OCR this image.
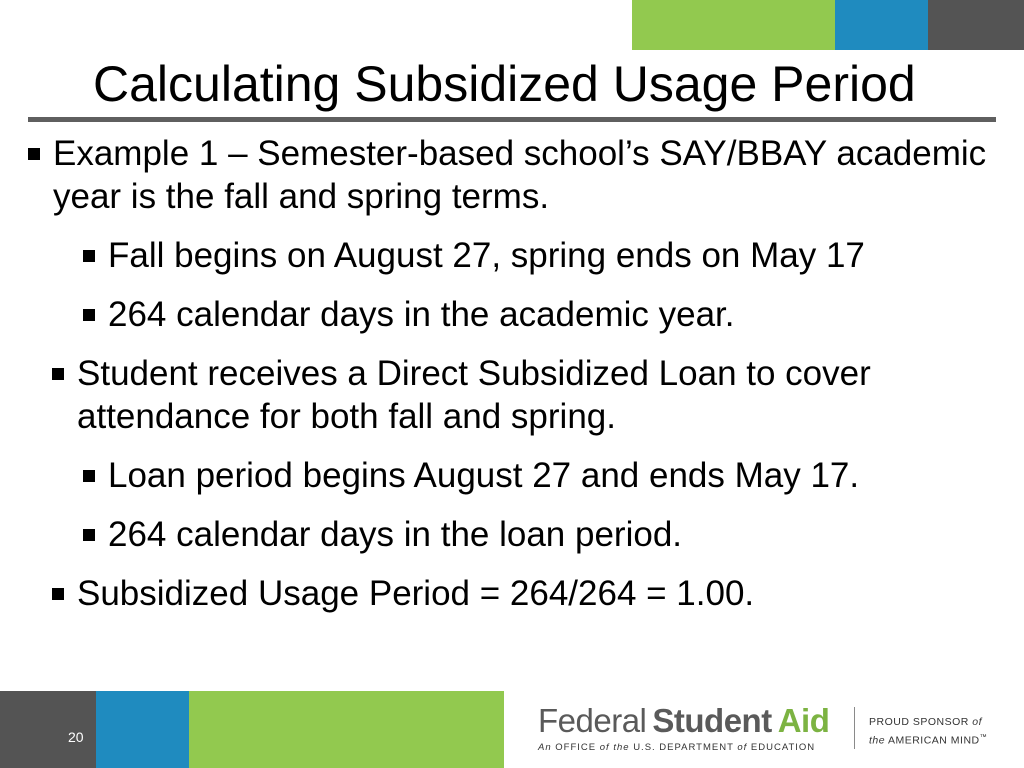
Calculating Subsidized Usage Period
Example 1 – Semester-based school’s SAY/BBAY academic year is the fall and spring terms.
Fall begins on August 27, spring ends on May 17
264 calendar days in the academic year.
Student receives a Direct Subsidized Loan to cover attendance for both fall and spring.
Loan period begins August 27 and ends May 17.
264 calendar days in the loan period.
Subsidized Usage Period = 264/264 = 1.00.
20	Federal Student Aid
An OFFICE of the U.S. DEPARTMENT of EDUCATION
PROUD SPONSOR of
the AMERICAN MIND™
